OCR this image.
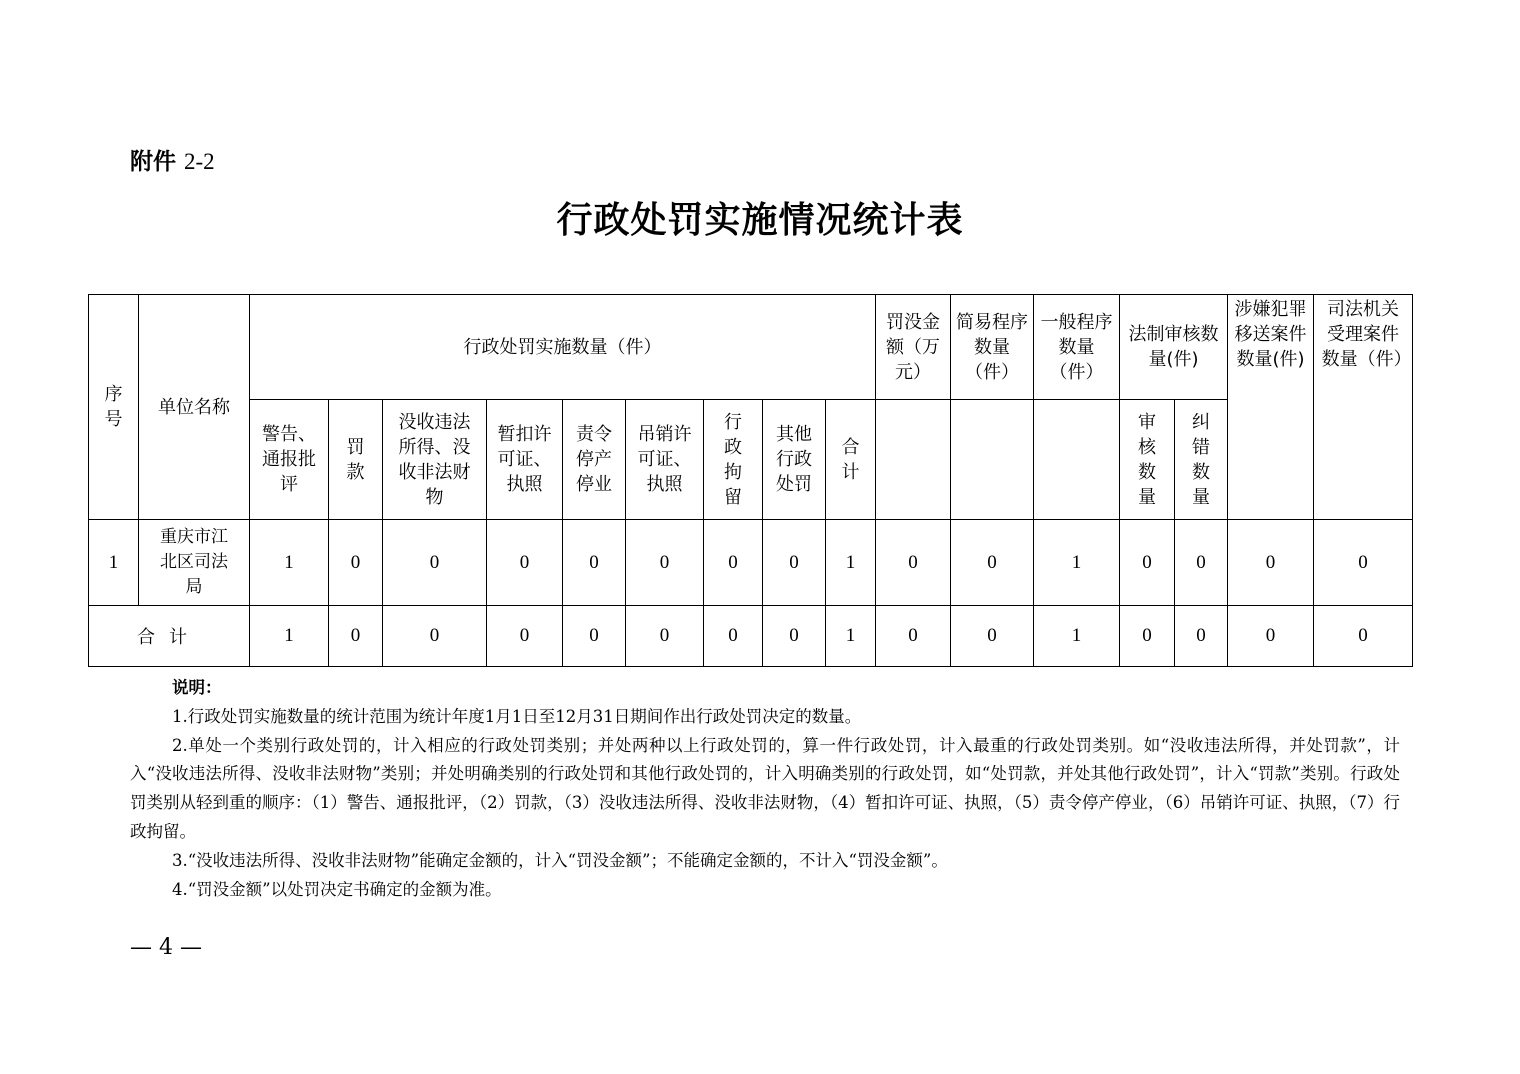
附件 2-2
行政处罚实施情况统计表
序号	单位名称	行政处罚实施数量（件）									罚没金额（万元）	简易程序数量（件）	一般程序数量（件）	法制审核数量(件)		涉嫌犯罪移送案件数量(件)	司法机关受理案件数量（件）

		警告、通报批评	罚款	没收违法所得、没收非法财物	暂扣许可证、执照	责令停产停业	吊销许可证、执照	行政拘留	其他行政处罚	合计				审核数量	纠错数量		

1	重庆市江北区司法局	1	0	0	0	0	0	0	0	1	0	0	1	0	0	0	0
合计		1	0	0	0	0	0	0	0	1	0	0	1	0	0	0	0

说明：

1.行政处罚实施数量的统计范围为统计年度1月1日至12月31日期间作出行政处罚决定的数量。

2.单处一个类别行政处罚的，计入相应的行政处罚类别；并处两种以上行政处罚的，算一件行政处罚，计入最重的行政处罚类别。如“没收违法所得，并处罚款”，计入“没收违法所得、没收非法财物”类别；并处明确类别的行政处罚和其他行政处罚的，计入明确类别的行政处罚，如“处罚款，并处其他行政处罚”，计入“罚款”类别。行政处罚类别从轻到重的顺序：（1）警告、通报批评，（2）罚款，（3）没收违法所得、没收非法财物，（4）暂扣许可证、执照，（5）责令停产停业，（6）吊销许可证、执照，（7）行政拘留。

3.“没收违法所得、没收非法财物”能确定金额的，计入“罚没金额”；不能确定金额的，不计入“罚没金额”。

4.“罚没金额”以处罚决定书确定的金额为准。

— 4 —
